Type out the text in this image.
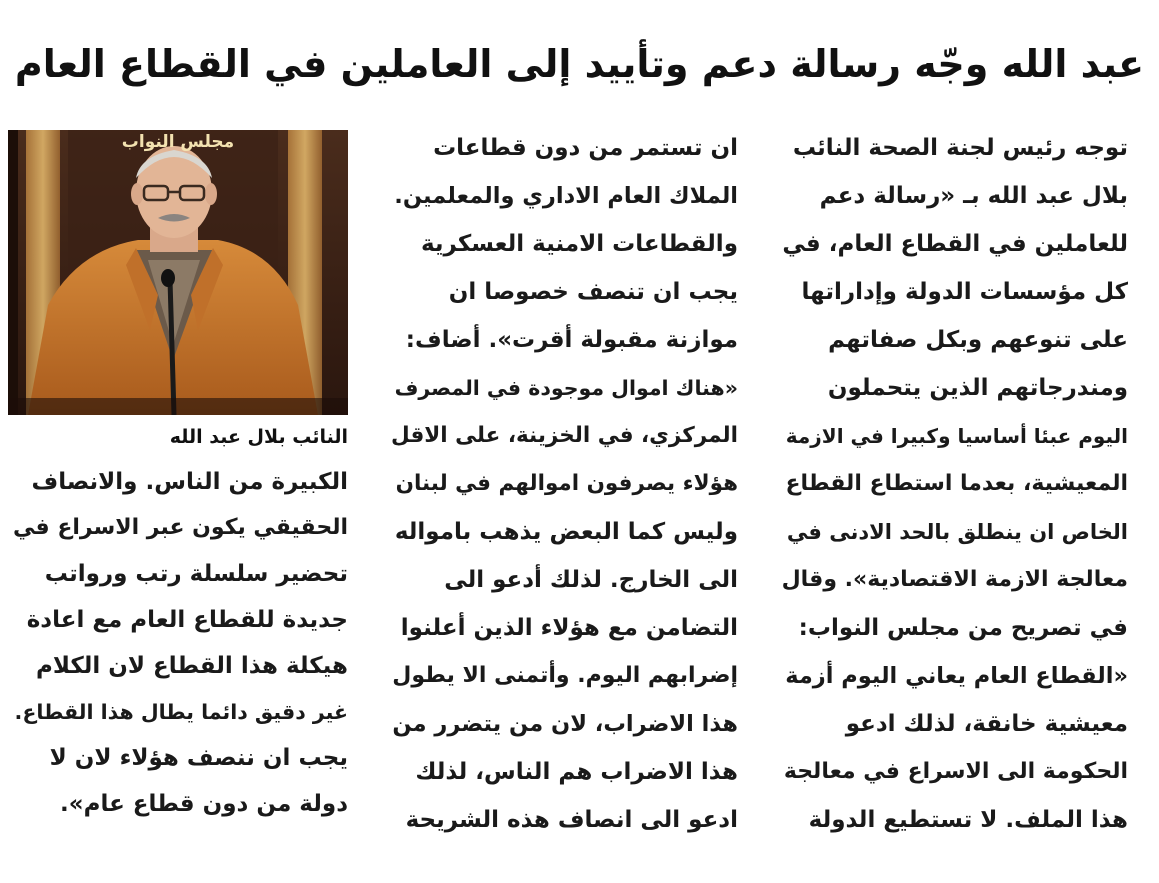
عبد الله وجّه رسالة دعم وتأييد إلى العاملين في القطاع العام
توجه رئيس لجنة الصحة النائب
بلال عبد الله بـ «رسالة دعم
للعاملين في القطاع العام، في
كل مؤسسات الدولة وإداراتها
على تنوعهم وبكل صفاتهم
ومندرجاتهم الذين يتحملون
اليوم عبئا أساسيا وكبيرا في الازمة
المعيشية، بعدما استطاع القطاع
الخاص ان ينطلق بالحد الادنى في
معالجة الازمة الاقتصادية». وقال
في تصريح من مجلس النواب:
«القطاع العام يعاني اليوم أزمة
معيشية خانقة، لذلك ادعو
الحكومة الى الاسراع في معالجة
هذا الملف. لا تستطيع الدولة
ان تستمر من دون قطاعات
الملاك العام الاداري والمعلمين.
والقطاعات الامنية العسكرية
يجب ان تنصف خصوصا ان
موازنة مقبولة أقرت». أضاف:
«هناك اموال موجودة في المصرف
المركزي، في الخزينة، على الاقل
هؤلاء يصرفون اموالهم في لبنان
وليس كما البعض يذهب بامواله
الى الخارج. لذلك أدعو الى
التضامن مع هؤلاء الذين أعلنوا
إضرابهم اليوم. وأتمنى الا يطول
هذا الاضراب، لان من يتضرر من
هذا الاضراب هم الناس، لذلك
ادعو الى انصاف هذه الشريحة
مجلس النواب
النائب بلال عبد الله
الكبيرة من الناس. والانصاف
الحقيقي يكون عبر الاسراع في
تحضير سلسلة رتب ورواتب
جديدة للقطاع العام مع اعادة
هيكلة هذا القطاع لان الكلام
غير دقيق دائما يطال هذا القطاع.
يجب ان ننصف هؤلاء لان لا
دولة من دون قطاع عام».
